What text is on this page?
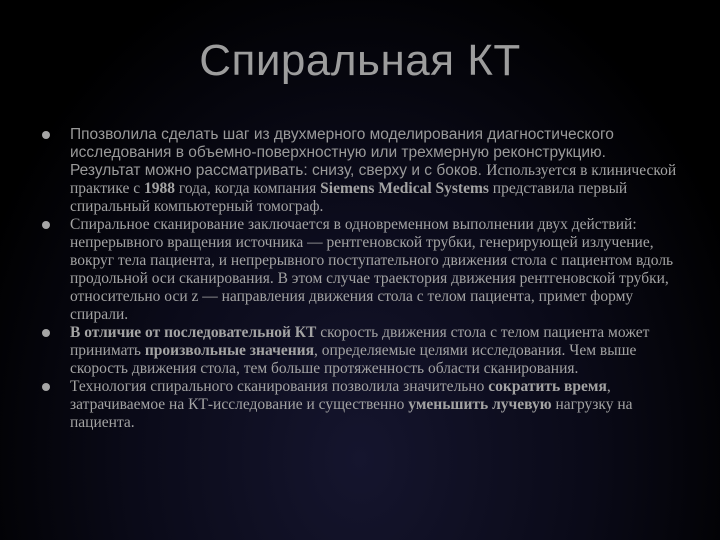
Спиральная КТ
Ппозволила сделать шаг из двухмерного моделирования диагностического исследования в объемно-поверхностную или трехмерную реконструкцию. Результат можно рассматривать: снизу, сверху и с боков. Используется в клинической практике с 1988 года, когда компания Siemens Medical Systems представила первый спиральный компьютерный томограф.
Спиральное сканирование заключается в одновременном выполнении двух действий: непрерывного вращения источника — рентгеновской трубки, генерирующей излучение, вокруг тела пациента, и непрерывного поступательного движения стола с пациентом вдоль продольной оси сканирования. В этом случае траектория движения рентгеновской трубки, относительно оси z — направления движения стола с телом пациента, примет форму спирали.
В отличие от последовательной КТ скорость движения стола с телом пациента может принимать произвольные значения, определяемые целями исследования. Чем выше скорость движения стола, тем больше протяженность области сканирования.
Технология спирального сканирования позволила значительно сократить время, затрачиваемое на КТ-исследование и существенно уменьшить лучевую нагрузку на пациента.
